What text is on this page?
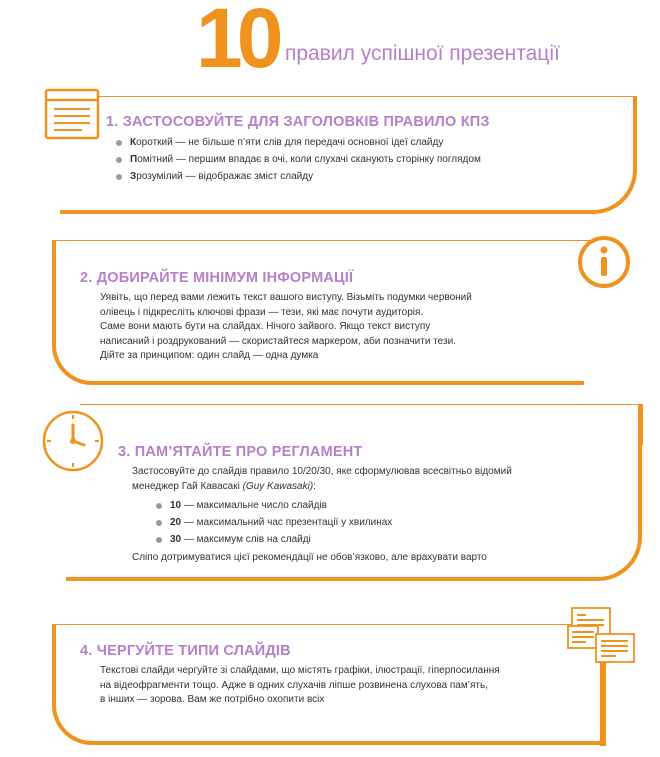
10 правил успішної презентації
1. ЗАСТОСОВУЙТЕ ДЛЯ ЗАГОЛОВКІВ ПРАВИЛО КПЗ
Короткий — не більше п’яти слів для передачі основної ідеї слайду
Помітний — першим впадає в очі, коли слухачі сканують сторінку поглядом
Зрозумілий — відображає зміст слайду
2. ДОБИРАЙТЕ МІНІМУМ ІНФОРМАЦІЇ
Уявіть, що перед вами лежить текст вашого виступу. Візьміть подумки червоний
олівець і підкресліть ключові фрази — тези, які має почути аудиторія.
Саме вони мають бути на слайдах. Нічого зайвого. Якщо текст виступу
написаний і роздрукований — скористайтеся маркером, аби позначити тези.
Дійте за принципом: один слайд — одна думка
3. ПАМ’ЯТАЙТЕ ПРО РЕГЛАМЕНТ
Застосовуйте до слайдів правило 10/20/30, яке сформулював всесвітньо відомий
менеджер Гай Кавасакі (Guy Kawasaki):
10 — максимальне число слайдів
20 — максимальний час презентації у хвилинах
30 — максимум слів на слайді
Сліпо дотримуватися цієї рекомендації не обов’язково, але врахувати варто
4. ЧЕРГУЙТЕ ТИПИ СЛАЙДІВ
Текстові слайди чергуйте зі слайдами, що містять графіки, ілюстрації, гіперпосилання
на відеофрагменти тощо. Адже в одних слухачів ліпше розвинена слухова пам’ять,
в інших — зорова. Вам же потрібно охопити всіх
